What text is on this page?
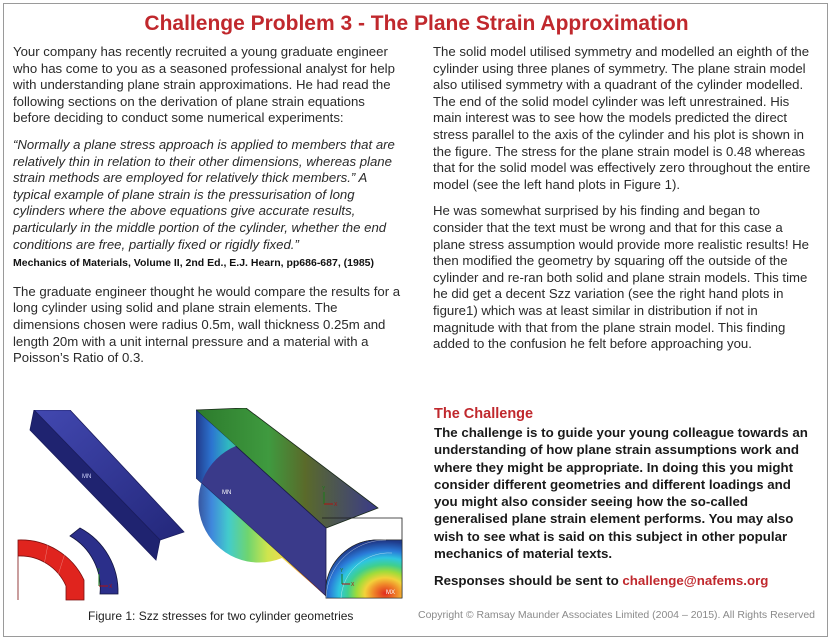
Challenge Problem 3 - The Plane Strain Approximation

Your company has recently recruited a young graduate engineer who has come to you as a seasoned professional analyst for help with understanding plane strain approximations. He had read the following sections on the derivation of plane strain equations before deciding to conduct some numerical experiments:

“Normally a plane stress approach is applied to members that are relatively thin in relation to their other dimensions, whereas plane strain methods are employed for relatively thick members.” A typical example of plane strain is the pressurisation of long cylinders where the above equations give accurate results, particularly in the middle portion of the cylinder, whether the end conditions are free, partially fixed or rigidly fixed.”

Mechanics of Materials, Volume II, 2nd Ed., E.J. Hearn, pp686-687, (1985)

The graduate engineer thought he would compare the results for a long cylinder using solid and plane strain elements. The dimensions chosen were radius 0.5m, wall thickness 0.25m and length 20m with a unit internal pressure and a material with a Poisson’s Ratio of 0.3.

The solid model utilised symmetry and modelled an eighth of the cylinder using three planes of symmetry. The plane strain model also utilised symmetry with a quadrant of the cylinder modelled. The end of the solid model cylinder was left unrestrained. His main interest was to see how the models predicted the direct stress parallel to the axis of the cylinder and his plot is shown in the figure. The stress for the plane strain model is 0.48 whereas that for the solid model was effectively zero throughout the entire model (see the left hand plots in Figure 1).

He was somewhat surprised by his finding and began to consider that the text must be wrong and that for this case a plane stress assumption would provide more realistic results! He then modified the geometry by squaring off the outside of the cylinder and re-ran both solid and plane strain models. This time he did get a decent Szz variation (see the right hand plots in figure1) which was at least similar in distribution if not in magnitude with that from the plane strain model. This finding added to the confusion he felt before approaching you.

The Challenge
The challenge is to guide your young colleague towards an understanding of how plane strain assumptions work and where they might be appropriate. In doing this you might consider different geometries and different loadings and you might also consider seeing how the so-called generalised plane strain element performs. You may also wish to see what is said on this subject in other popular mechanics of material texts.
Responses should be sent to challenge@nafems.org
MN
MX
Y
X
MN
Y
X
Y
X
MX
Figure 1: Szz stresses for two cylinder geometries	Copyright © Ramsay Maunder Associates Limited (2004 – 2015). All Rights Reserved
